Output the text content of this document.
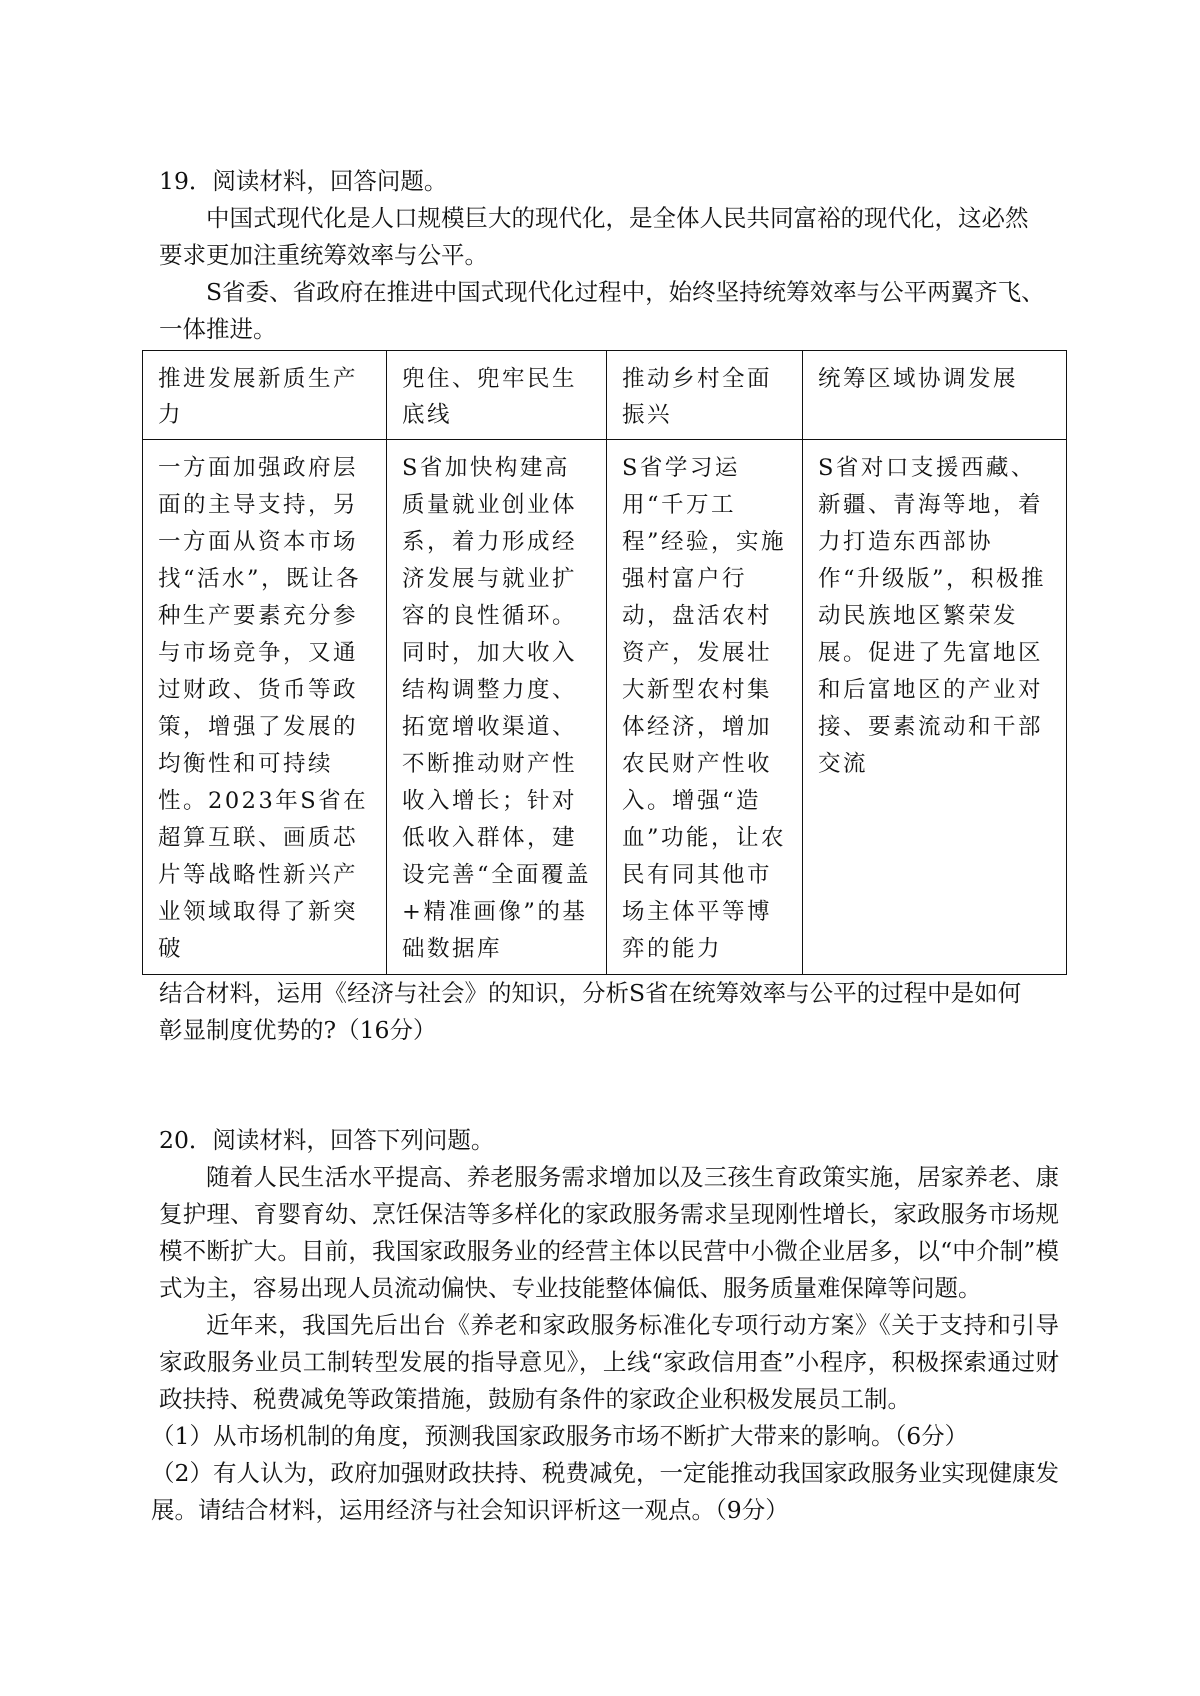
19．阅读材料，回答问题。

中国式现代化是人口规模巨大的现代化，是全体人民共同富裕的现代化，这必然

要求更加注重统筹效率与公平。

S省委、省政府在推进中国式现代化过程中，始终坚持统筹效率与公平两翼齐飞、

一体推进。

推进发展新质生产力	兜住、兜牢民生底线	推动乡村全面振兴	统筹区域协调发展
一方面加强政府层面的主导支持，另一方面从资本市场找“活水”，既让各种生产要素充分参与市场竞争，又通过财政、货币等政策，增强了发展的均衡性和可持续性。2023年S省在超算互联、画质芯片等战略性新兴产业领域取得了新突破	S省加快构建高质量就业创业体系，着力形成经济发展与就业扩容的良性循环。同时，加大收入结构调整力度、拓宽增收渠道、不断推动财产性收入增长；针对低收入群体，建设完善“全面覆盖+精准画像”的基础数据库	S省学习运用“千万工程”经验，实施强村富户行动，盘活农村资产，发展壮大新型农村集体经济，增加农民财产性收入。增强“造血”功能，让农民有同其他市场主体平等博弈的能力	S省对口支援西藏、新疆、青海等地，着力打造东西部协作“升级版”，积极推动民族地区繁荣发展。促进了先富地区和后富地区的产业对接、要素流动和干部交流

结合材料，运用《经济与社会》的知识，分析S省在统筹效率与公平的过程中是如何

彰显制度优势的?（16分）

20．阅读材料，回答下列问题。

随着人民生活水平提高、养老服务需求增加以及三孩生育政策实施，居家养老、康复护理、育婴育幼、烹饪保洁等多样化的家政服务需求呈现刚性增长，家政服务市场规模不断扩大。目前，我国家政服务业的经营主体以民营中小微企业居多，以“中介制”模式为主，容易出现人员流动偏快、专业技能整体偏低、服务质量难保障等问题。

近年来，我国先后出台《养老和家政服务标准化专项行动方案》《关于支持和引导家政服务业员工制转型发展的指导意见》，上线“家政信用查”小程序，积极探索通过财政扶持、税费减免等政策措施，鼓励有条件的家政企业积极发展员工制。

（1）从市场机制的角度，预测我国家政服务市场不断扩大带来的影响。（6分）

（2）有人认为，政府加强财政扶持、税费减免，一定能推动我国家政服务业实现健康发展。请结合材料，运用经济与社会知识评析这一观点。（9分）
